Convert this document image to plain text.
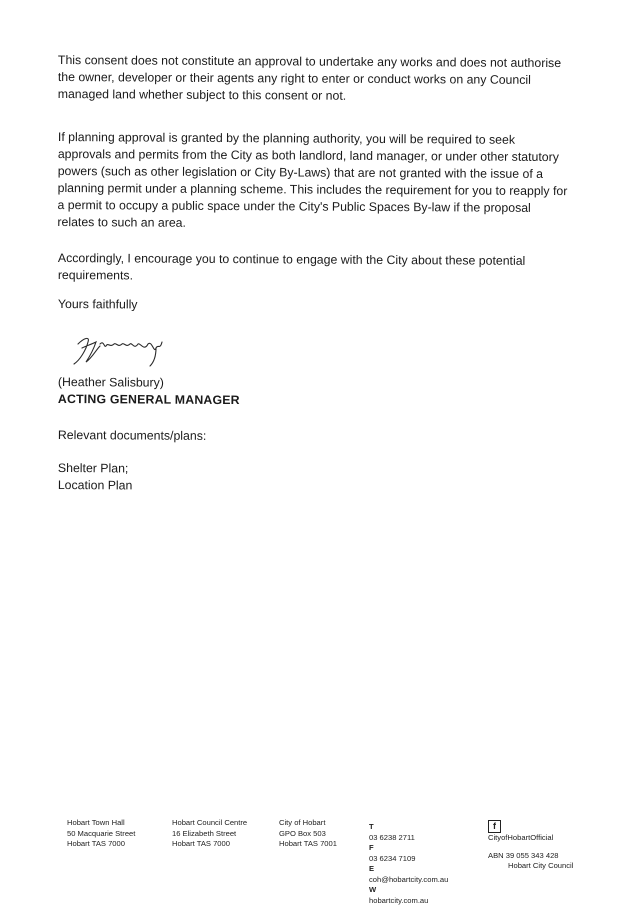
This consent does not constitute an approval to undertake any works and does not authorise the owner, developer or their agents any right to enter or conduct works on any Council managed land whether subject to this consent or not.

If planning approval is granted by the planning authority, you will be required to seek approvals and permits from the City as both landlord, land manager, or under other statutory powers (such as other legislation or City By-Laws) that are not granted with the issue of a planning permit under a planning scheme. This includes the requirement for you to reapply for a permit to occupy a public space under the City's Public Spaces By-law if the proposal relates to such an area.

Accordingly, I encourage you to continue to engage with the City about these potential requirements.

Yours faithfully

(Heather Salisbury)
ACTING GENERAL MANAGER
Relevant documents/plans:
Shelter Plan;
Location Plan
Hobart Town Hall
50 Macquarie Street
Hobart TAS 7000
Hobart Council Centre
16 Elizabeth Street
Hobart TAS 7000
City of Hobart
GPO Box 503
Hobart TAS 7001
T
03 6238 2711
F
03 6234 7109
E
coh@hobartcity.com.au
W
hobartcity.com.au
f
CityofHobartOfficial
ABN 39 055 343 428
Hobart City Council
